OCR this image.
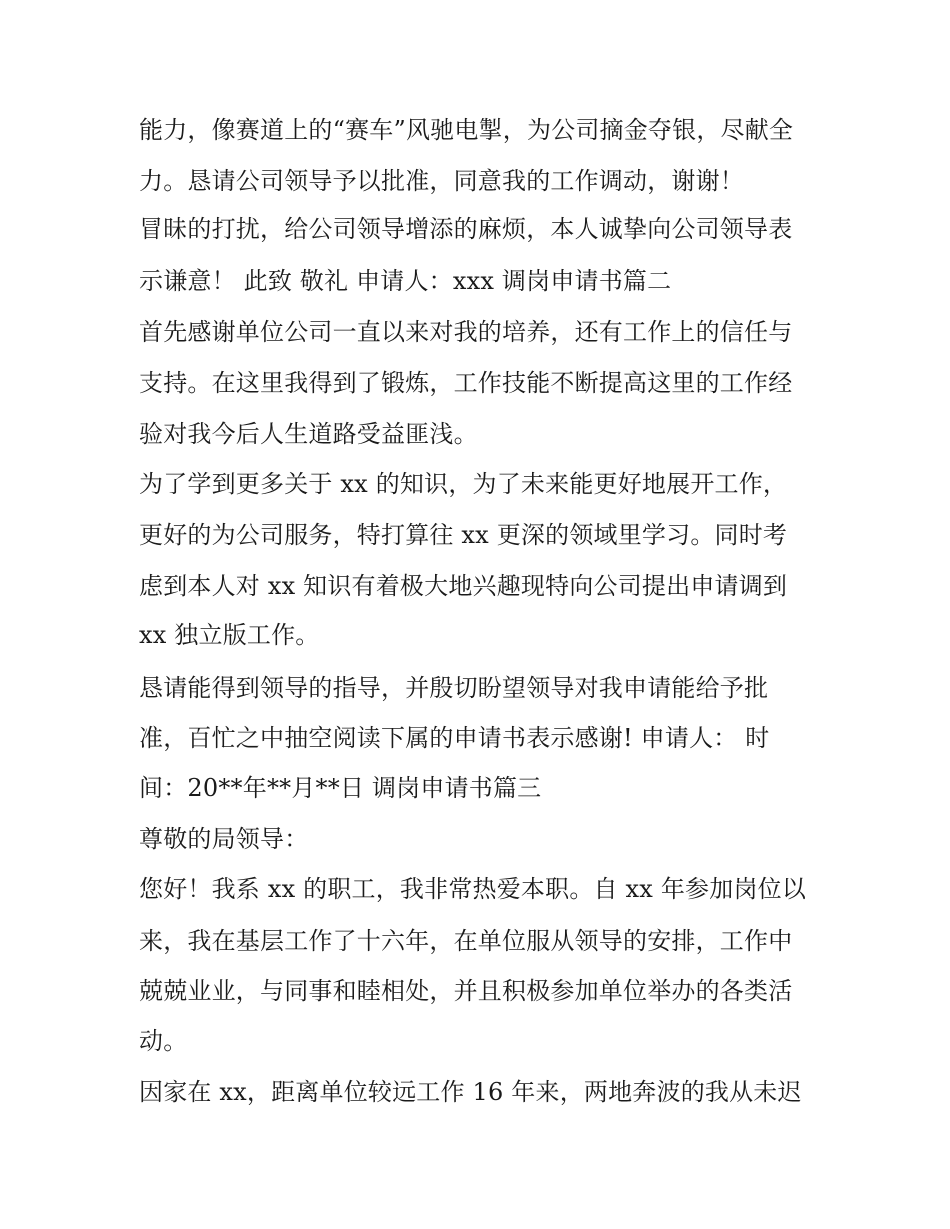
能力，像赛道上的“赛车”风驰电掣，为公司摘金夺银，尽献全
力。恳请公司领导予以批准，同意我的工作调动，谢谢！
冒昧的打扰，给公司领导增添的麻烦，本人诚挚向公司领导表
示谦意！ 此致 敬礼 申请人：xxx 调岗申请书篇二
首先感谢单位公司一直以来对我的培养，还有工作上的信任与
支持。在这里我得到了锻炼，工作技能不断提高这里的工作经
验对我今后人生道路受益匪浅。
为了学到更多关于 xx 的知识，为了未来能更好地展开工作，
更好的为公司服务，特打算往 xx 更深的领域里学习。同时考
虑到本人对 xx 知识有着极大地兴趣现特向公司提出申请调到
xx 独立版工作。
恳请能得到领导的指导，并殷切盼望领导对我申请能给予批
准，百忙之中抽空阅读下属的申请书表示感谢! 申请人： 时
间：20**年**月**日 调岗申请书篇三
尊敬的局领导：
您好！我系 xx 的职工，我非常热爱本职。自 xx 年参加岗位以
来，我在基层工作了十六年，在单位服从领导的安排，工作中
兢兢业业，与同事和睦相处，并且积极参加单位举办的各类活
动。
因家在 xx，距离单位较远工作 16 年来，两地奔波的我从未迟
